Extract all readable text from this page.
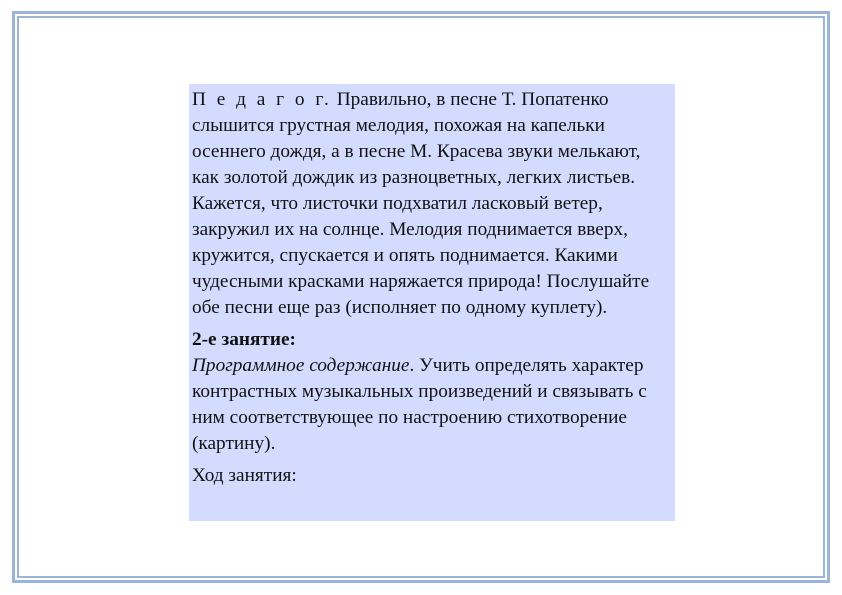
П е д а г о г. Правильно, в песне Т. Попатенко слышится грустная мелодия, похожая на капельки осеннего дождя, а в песне М. Красева звуки мелькают, как золотой дождик из разноцветных, легких листьев. Кажется, что листочки подхватил ласковый ветер, закружил их на солнце. Мелодия поднимается вверх, кружится, спускается и опять поднимается. Какими чудесными красками наряжается природа! Послушайте обе песни еще раз (исполняет по одному куплету).

2-е занятие:
Программное содержание. Учить определять характер контрастных музыкальных произведений и связывать с ним соответствующее по настроению стихотворение (картину).

Ход занятия:
